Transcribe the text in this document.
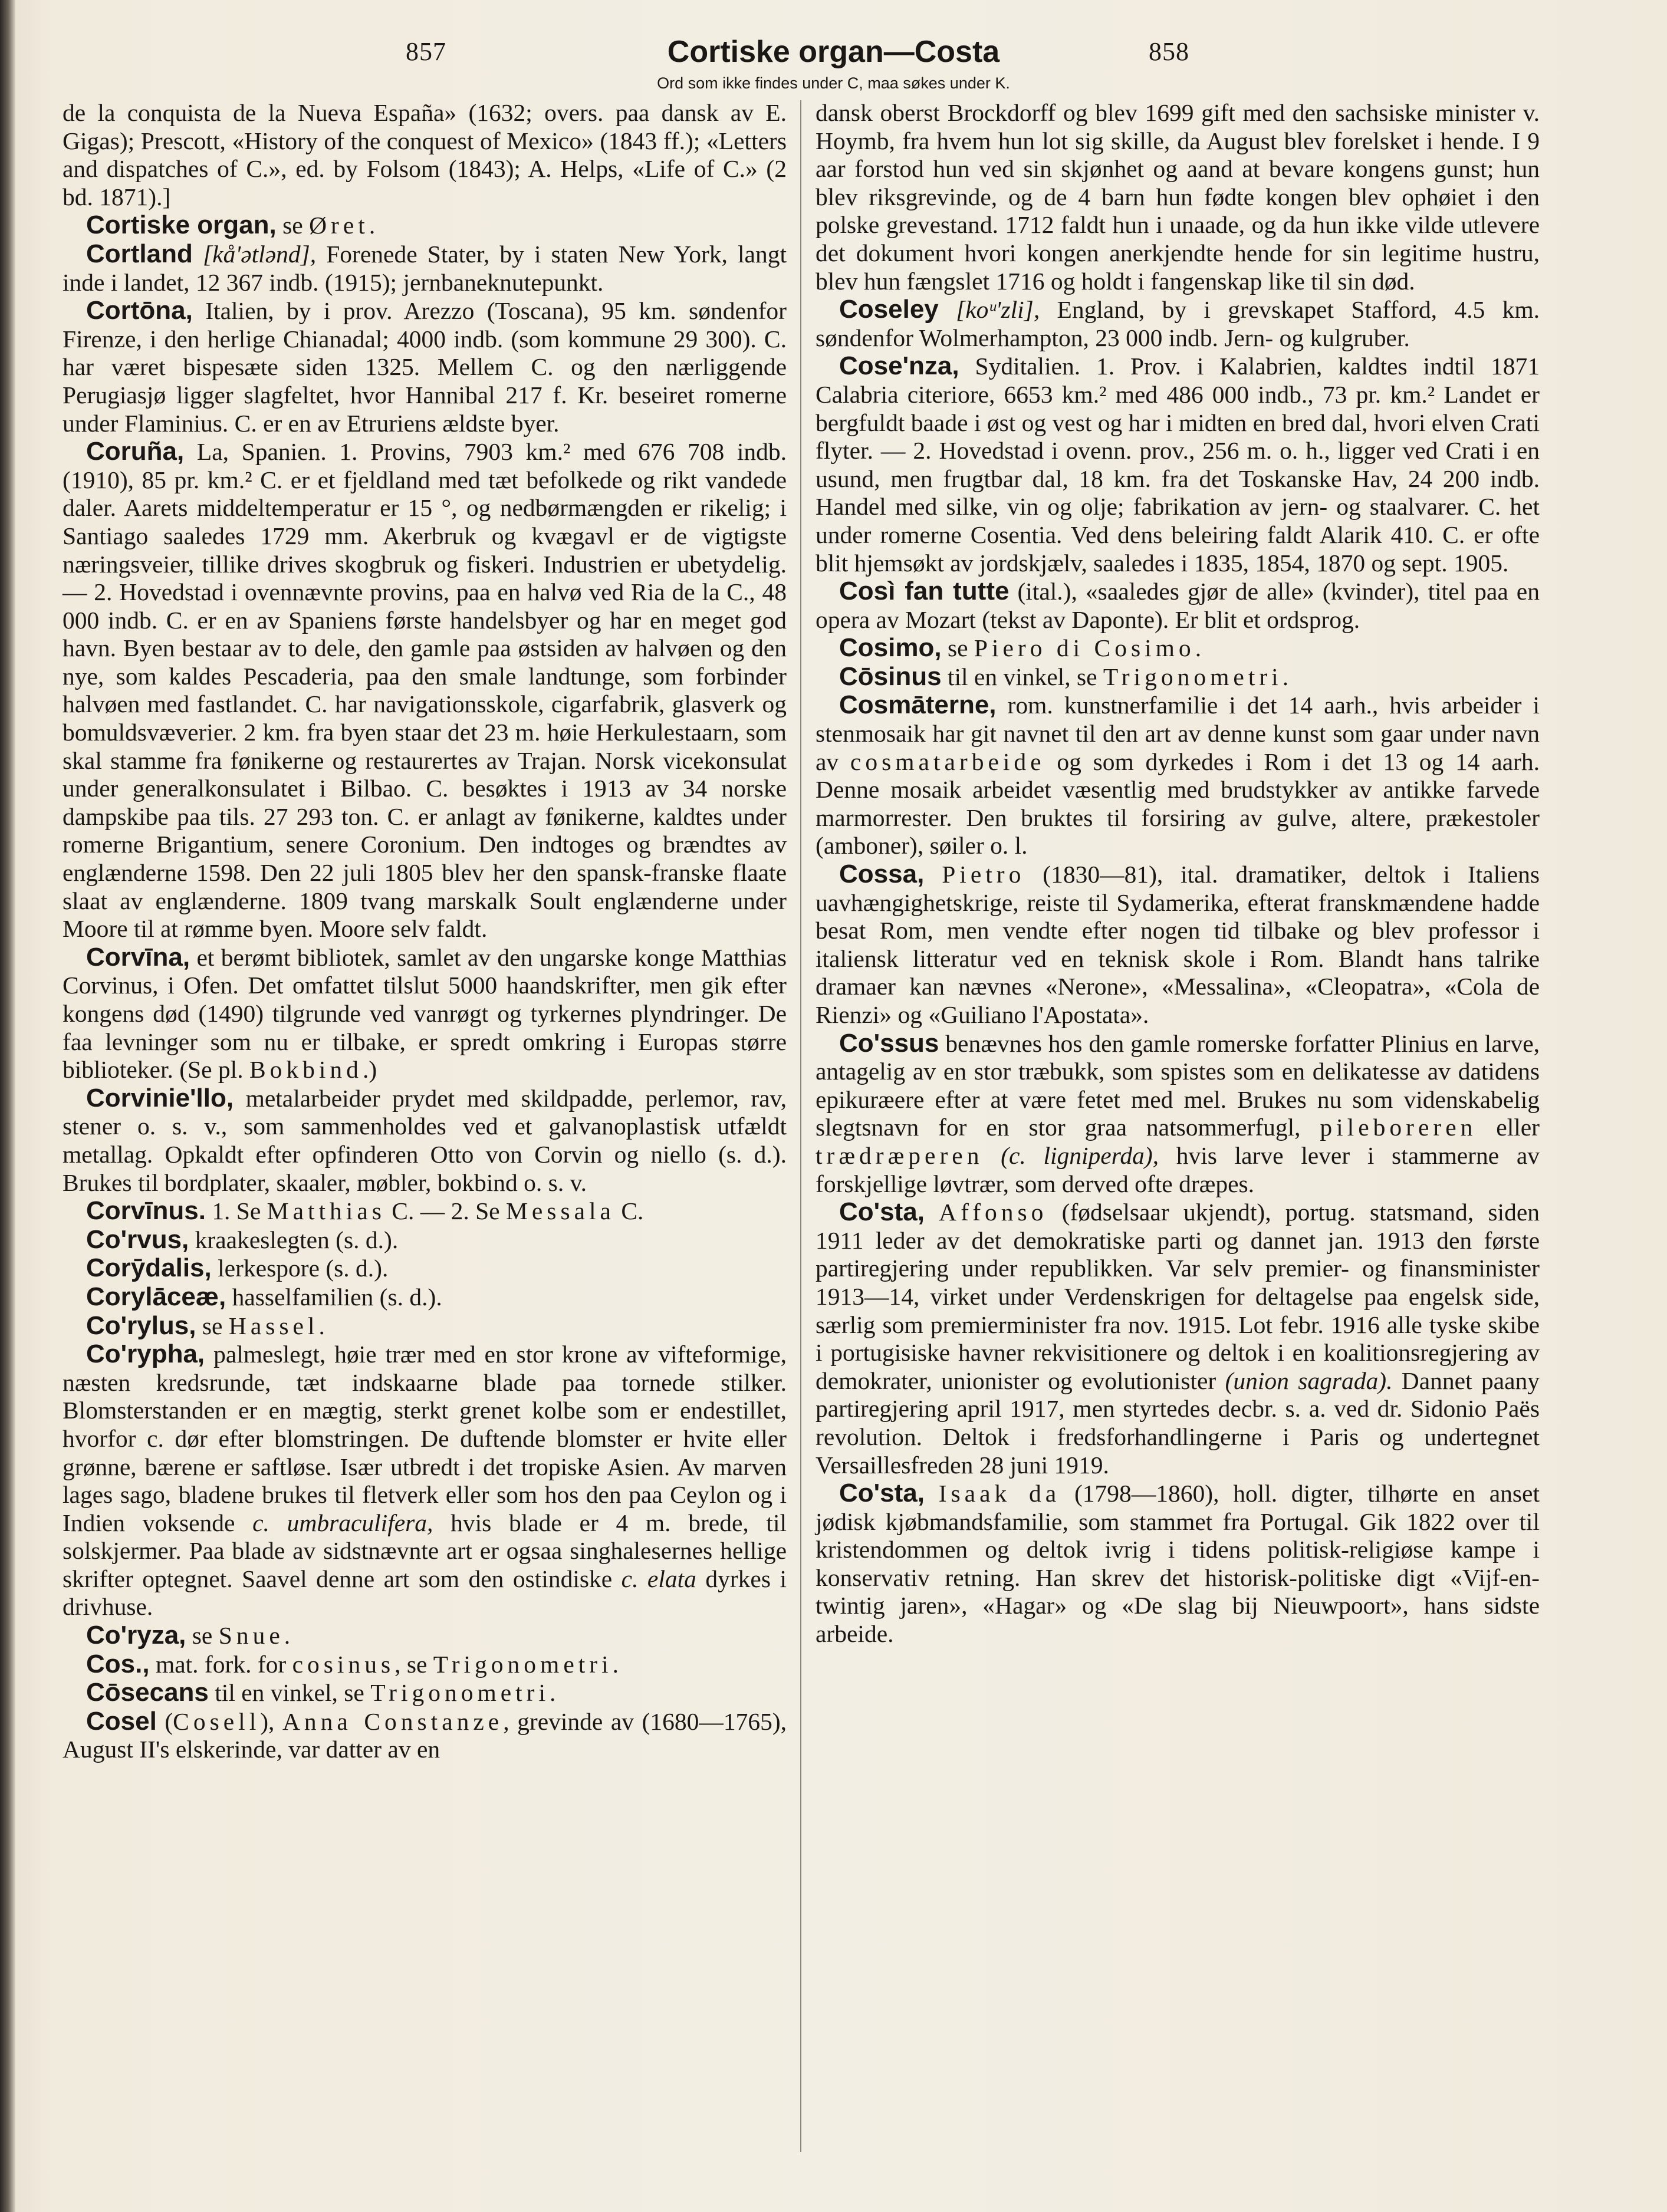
857	Cortiske organ—Costa	858
Ord som ikke findes under C, maa søkes under K.

de la conquista de la Nueva España» (1632; overs. paa dansk av E. Gigas); Prescott, «History of the conquest of Mexico» (1843 ff.); «Letters and dispatches of C.», ed. by Folsom (1843); A. Helps, «Life of C.» (2 bd. 1871).]

Cortiske organ, se Øret.

Cortland [kå'ətlənd], Forenede Stater, by i staten New York, langt inde i landet, 12 367 indb. (1915); jernbaneknutepunkt.

Cortōna, Italien, by i prov. Arezzo (Toscana), 95 km. søndenfor Firenze, i den herlige Chianadal; 4000 indb. (som kommune 29 300). C. har været bispesæte siden 1325. Mellem C. og den nærliggende Perugiasjø ligger slagfeltet, hvor Hannibal 217 f. Kr. beseiret romerne under Flaminius. C. er en av Etruriens ældste byer.

Coruña, La, Spanien. 1. Provins, 7903 km.² med 676 708 indb. (1910), 85 pr. km.² C. er et fjeldland med tæt befolkede og rikt vandede daler. Aarets middeltemperatur er 15 °, og nedbørmængden er rikelig; i Santiago saaledes 1729 mm. Akerbruk og kvægavl er de vigtigste næringsveier, tillike drives skogbruk og fiskeri. Industrien er ubetydelig. — 2. Hovedstad i ovennævnte provins, paa en halvø ved Ria de la C., 48 000 indb. C. er en av Spaniens første handelsbyer og har en meget god havn. Byen bestaar av to dele, den gamle paa østsiden av halvøen og den nye, som kaldes Pescaderia, paa den smale landtunge, som forbinder halvøen med fastlandet. C. har navigationsskole, cigarfabrik, glasverk og bomuldsvæverier. 2 km. fra byen staar det 23 m. høie Herkulestaarn, som skal stamme fra fønikerne og restaurertes av Trajan. Norsk vicekonsulat under generalkonsulatet i Bilbao. C. besøktes i 1913 av 34 norske dampskibe paa tils. 27 293 ton. C. er anlagt av fønikerne, kaldtes under romerne Brigantium, senere Coronium. Den indtoges og brændtes av englænderne 1598. Den 22 juli 1805 blev her den spansk-franske flaate slaat av englænderne. 1809 tvang marskalk Soult englænderne under Moore til at rømme byen. Moore selv faldt.

Corvīna, et berømt bibliotek, samlet av den ungarske konge Matthias Corvinus, i Ofen. Det omfattet tilslut 5000 haandskrifter, men gik efter kongens død (1490) tilgrunde ved vanrøgt og tyrkernes plyndringer. De faa levninger som nu er tilbake, er spredt omkring i Europas større biblioteker. (Se pl. Bokbind.)

Corvinie'llo, metalarbeider prydet med skildpadde, perlemor, rav, stener o. s. v., som sammenholdes ved et galvanoplastisk utfældt metallag. Opkaldt efter opfinderen Otto von Corvin og niello (s. d.). Brukes til bordplater, skaaler, møbler, bokbind o. s. v.

Corvīnus. 1. Se Matthias C. — 2. Se Messala C.

Co'rvus, kraakeslegten (s. d.).

Corȳdalis, lerkespore (s. d.).

Corylāceæ, hasselfamilien (s. d.).

Co'rylus, se Hassel.

Co'rypha, palmeslegt, høie trær med en stor krone av vifteformige, næsten kredsrunde, tæt indskaarne blade paa tornede stilker. Blomsterstanden er en mægtig, sterkt grenet kolbe som er endestillet, hvorfor c. dør efter blomstringen. De duftende blomster er hvite eller grønne, bærene er saftløse. Især utbredt i det tropiske Asien. Av marven lages sago, bladene brukes til fletverk eller som hos den paa Ceylon og i Indien voksende c. umbraculifera, hvis blade er 4 m. brede, til solskjermer. Paa blade av sidstnævnte art er ogsaa singhalesernes hellige skrifter optegnet. Saavel denne art som den ostindiske c. elata dyrkes i drivhuse.

Co'ryza, se Snue.

Cos., mat. fork. for cosinus, se Trigonometri.

Cōsecans til en vinkel, se Trigonometri.

Cosel (Cosell), Anna Constanze, grevinde av (1680—1765), August II's elskerinde, var datter av en

dansk oberst Brockdorff og blev 1699 gift med den sachsiske minister v. Hoymb, fra hvem hun lot sig skille, da August blev forelsket i hende. I 9 aar forstod hun ved sin skjønhet og aand at bevare kongens gunst; hun blev riksgrevinde, og de 4 barn hun fødte kongen blev ophøiet i den polske grevestand. 1712 faldt hun i unaade, og da hun ikke vilde utlevere det dokument hvori kongen anerkjendte hende for sin legitime hustru, blev hun fængslet 1716 og holdt i fangenskap like til sin død.

Coseley [koᵘ'zli], England, by i grevskapet Stafford, 4.5 km. søndenfor Wolmerhampton, 23 000 indb. Jern- og kulgruber.

Cose'nza, Syditalien. 1. Prov. i Kalabrien, kaldtes indtil 1871 Calabria citeriore, 6653 km.² med 486 000 indb., 73 pr. km.² Landet er bergfuldt baade i øst og vest og har i midten en bred dal, hvori elven Crati flyter. — 2. Hovedstad i ovenn. prov., 256 m. o. h., ligger ved Crati i en usund, men frugtbar dal, 18 km. fra det Toskanske Hav, 24 200 indb. Handel med silke, vin og olje; fabrikation av jern- og staalvarer. C. het under romerne Cosentia. Ved dens beleiring faldt Alarik 410. C. er ofte blit hjemsøkt av jordskjælv, saaledes i 1835, 1854, 1870 og sept. 1905.

Così fan tutte (ital.), «saaledes gjør de alle» (kvinder), titel paa en opera av Mozart (tekst av Daponte). Er blit et ordsprog.

Cosimo, se Piero di Cosimo.

Cōsinus til en vinkel, se Trigonometri.

Cosmāterne, rom. kunstnerfamilie i det 14 aarh., hvis arbeider i stenmosaik har git navnet til den art av denne kunst som gaar under navn av cosmatarbeide og som dyrkedes i Rom i det 13 og 14 aarh. Denne mosaik arbeidet væsentlig med brudstykker av antikke farvede marmorrester. Den bruktes til forsiring av gulve, altere, prækestoler (amboner), søiler o. l.

Cossa, Pietro (1830—81), ital. dramatiker, deltok i Italiens uavhængighetskrige, reiste til Sydamerika, efterat franskmændene hadde besat Rom, men vendte efter nogen tid tilbake og blev professor i italiensk litteratur ved en teknisk skole i Rom. Blandt hans talrike dramaer kan nævnes «Nerone», «Messalina», «Cleopatra», «Cola de Rienzi» og «Guiliano l'Apostata».

Co'ssus benævnes hos den gamle romerske forfatter Plinius en larve, antagelig av en stor træbukk, som spistes som en delikatesse av datidens epikuræere efter at være fetet med mel. Brukes nu som videnskabelig slegtsnavn for en stor graa natsommerfugl, pileboreren eller trædræperen (c. ligniperda), hvis larve lever i stammerne av forskjellige løvtrær, som derved ofte dræpes.

Co'sta, Affonso (fødselsaar ukjendt), portug. statsmand, siden 1911 leder av det demokratiske parti og dannet jan. 1913 den første partiregjering under republikken. Var selv premier- og finansminister 1913—14, virket under Verdenskrigen for deltagelse paa engelsk side, særlig som premierminister fra nov. 1915. Lot febr. 1916 alle tyske skibe i portugisiske havner rekvisitionere og deltok i en koalitionsregjering av demokrater, unionister og evolutionister (union sagrada). Dannet paany partiregjering april 1917, men styrtedes decbr. s. a. ved dr. Sidonio Paës revolution. Deltok i fredsforhandlingerne i Paris og undertegnet Versaillesfreden 28 juni 1919.

Co'sta, Isaak da (1798—1860), holl. digter, tilhørte en anset jødisk kjøbmandsfamilie, som stammet fra Portugal. Gik 1822 over til kristendommen og deltok ivrig i tidens politisk-religiøse kampe i konservativ retning. Han skrev det historisk-politiske digt «Vijf-en-twintig jaren», «Hagar» og «De slag bij Nieuwpoort», hans sidste arbeide.
